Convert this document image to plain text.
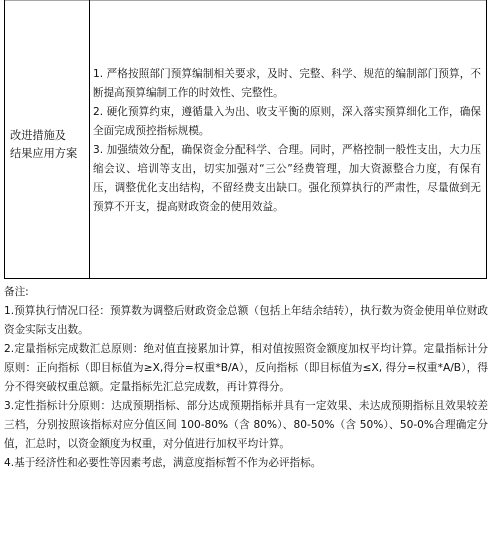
改进措施及
结果应用方案

1. 严格按照部门预算编制相关要求，及时、完整、科学、规范的编制部门预算，不断提高预算编制工作的时效性、完整性。

2. 硬化预算约束，遵循量入为出、收支平衡的原则，深入落实预算细化工作，确保全面完成预控指标规模。

3. 加强绩效分配，确保资金分配科学、合理。同时，严格控制一般性支出，大力压缩会议、培训等支出，切实加强对“三公”经费管理，加大资源整合力度，有保有压，调整优化支出结构，不留经费支出缺口。强化预算执行的严肃性，尽量做到无预算不开支，提高财政资金的使用效益。

备注:

1.预算执行情况口径：预算数为调整后财政资金总额（包括上年结余结转），执行数为资金使用单位财政资金实际支出数。

2.定量指标完成数汇总原则：绝对值直接累加计算，相对值按照资金额度加权平均计算。定量指标计分原则：正向指标（即目标值为≥X,得分=权重*B/A），反向指标（即目标值为≤X, 得分=权重*A/B），得分不得突破权重总额。定量指标先汇总完成数，再计算得分。

3.定性指标计分原则：达成预期指标、部分达成预期指标并具有一定效果、未达成预期指标且效果较差三档，分别按照该指标对应分值区间 100-80%（含 80%）、80-50%（含 50%）、50-0%合理确定分值，汇总时，以资金额度为权重，对分值进行加权平均计算。

4.基于经济性和必要性等因素考虑，满意度指标暂不作为必评指标。
